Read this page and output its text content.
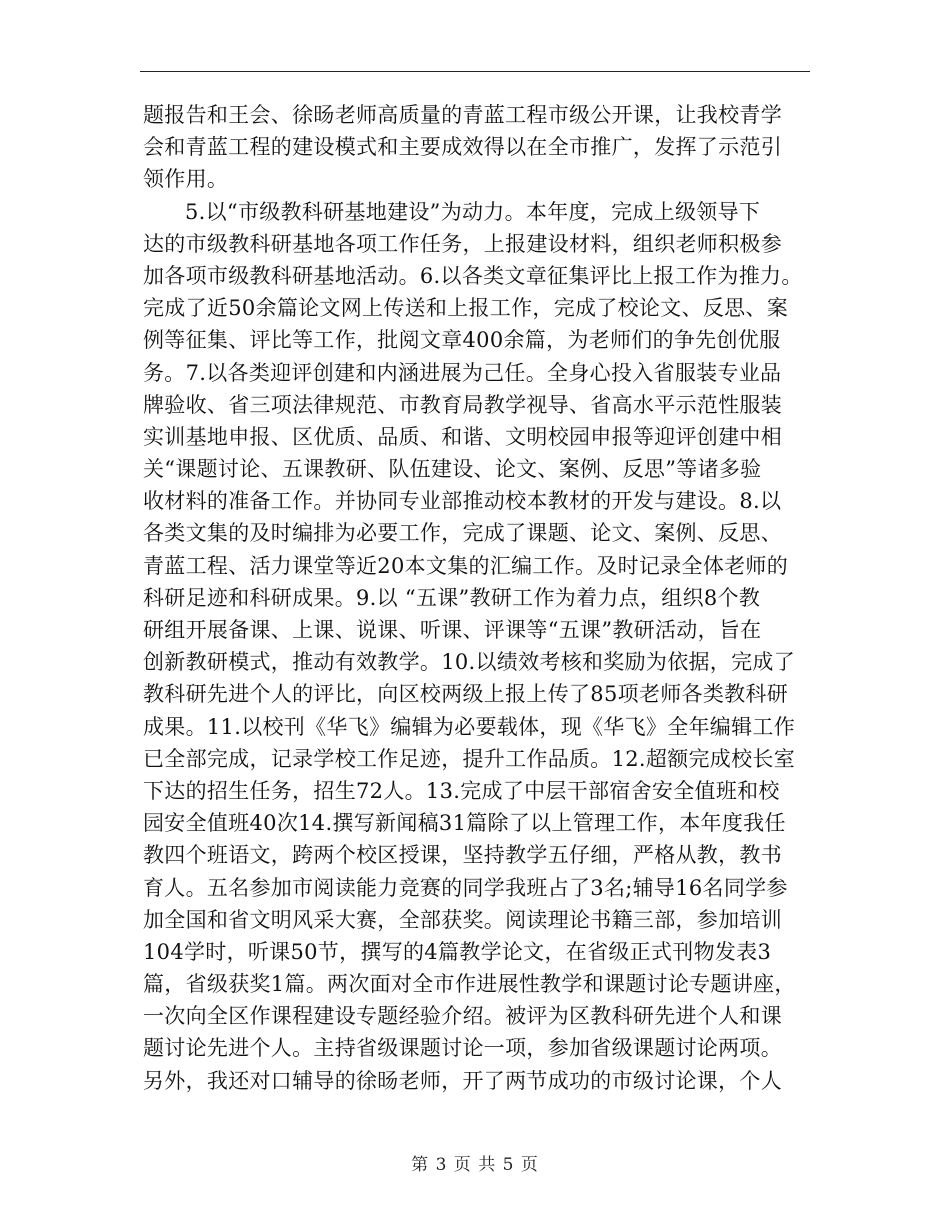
题报告和王会、徐旸老师高质量的青蓝工程市级公开课，让我校青学
会和青蓝工程的建设模式和主要成效得以在全市推广，发挥了示范引
领作用。
5.以“市级教科研基地建设”为动力。本年度，完成上级领导下
达的市级教科研基地各项工作任务，上报建设材料，组织老师积极参
加各项市级教科研基地活动。6.以各类文章征集评比上报工作为推力。
完成了近50余篇论文网上传送和上报工作，完成了校论文、反思、案
例等征集、评比等工作，批阅文章400余篇，为老师们的争先创优服
务。7.以各类迎评创建和内涵进展为己任。全身心投入省服装专业品
牌验收、省三项法律规范、市教育局教学视导、省高水平示范性服装
实训基地申报、区优质、品质、和谐、文明校园申报等迎评创建中相
关“课题讨论、五课教研、队伍建设、论文、案例、反思”等诸多验
收材料的准备工作。并协同专业部推动校本教材的开发与建设。8.以
各类文集的及时编排为必要工作，完成了课题、论文、案例、反思、
青蓝工程、活力课堂等近20本文集的汇编工作。及时记录全体老师的
科研足迹和科研成果。9.以 “五课”教研工作为着力点，组织8个教
研组开展备课、上课、说课、听课、评课等“五课”教研活动，旨在
创新教研模式，推动有效教学。10.以绩效考核和奖励为依据，完成了
教科研先进个人的评比，向区校两级上报上传了85项老师各类教科研
成果。11.以校刊《华飞》编辑为必要载体，现《华飞》全年编辑工作
已全部完成，记录学校工作足迹，提升工作品质。12.超额完成校长室
下达的招生任务，招生72人。13.完成了中层干部宿舍安全值班和校
园安全值班40次14.撰写新闻稿31篇除了以上管理工作，本年度我任
教四个班语文，跨两个校区授课，坚持教学五仔细，严格从教，教书
育人。五名参加市阅读能力竞赛的同学我班占了3名;辅导16名同学参
加全国和省文明风采大赛，全部获奖。阅读理论书籍三部，参加培训
104学时，听课50节，撰写的4篇教学论文，在省级正式刊物发表3
篇，省级获奖1篇。两次面对全市作进展性教学和课题讨论专题讲座，
一次向全区作课程建设专题经验介绍。被评为区教科研先进个人和课
题讨论先进个人。主持省级课题讨论一项，参加省级课题讨论两项。
另外，我还对口辅导的徐旸老师，开了两节成功的市级讨论课，个人
第 3 页 共 5 页
